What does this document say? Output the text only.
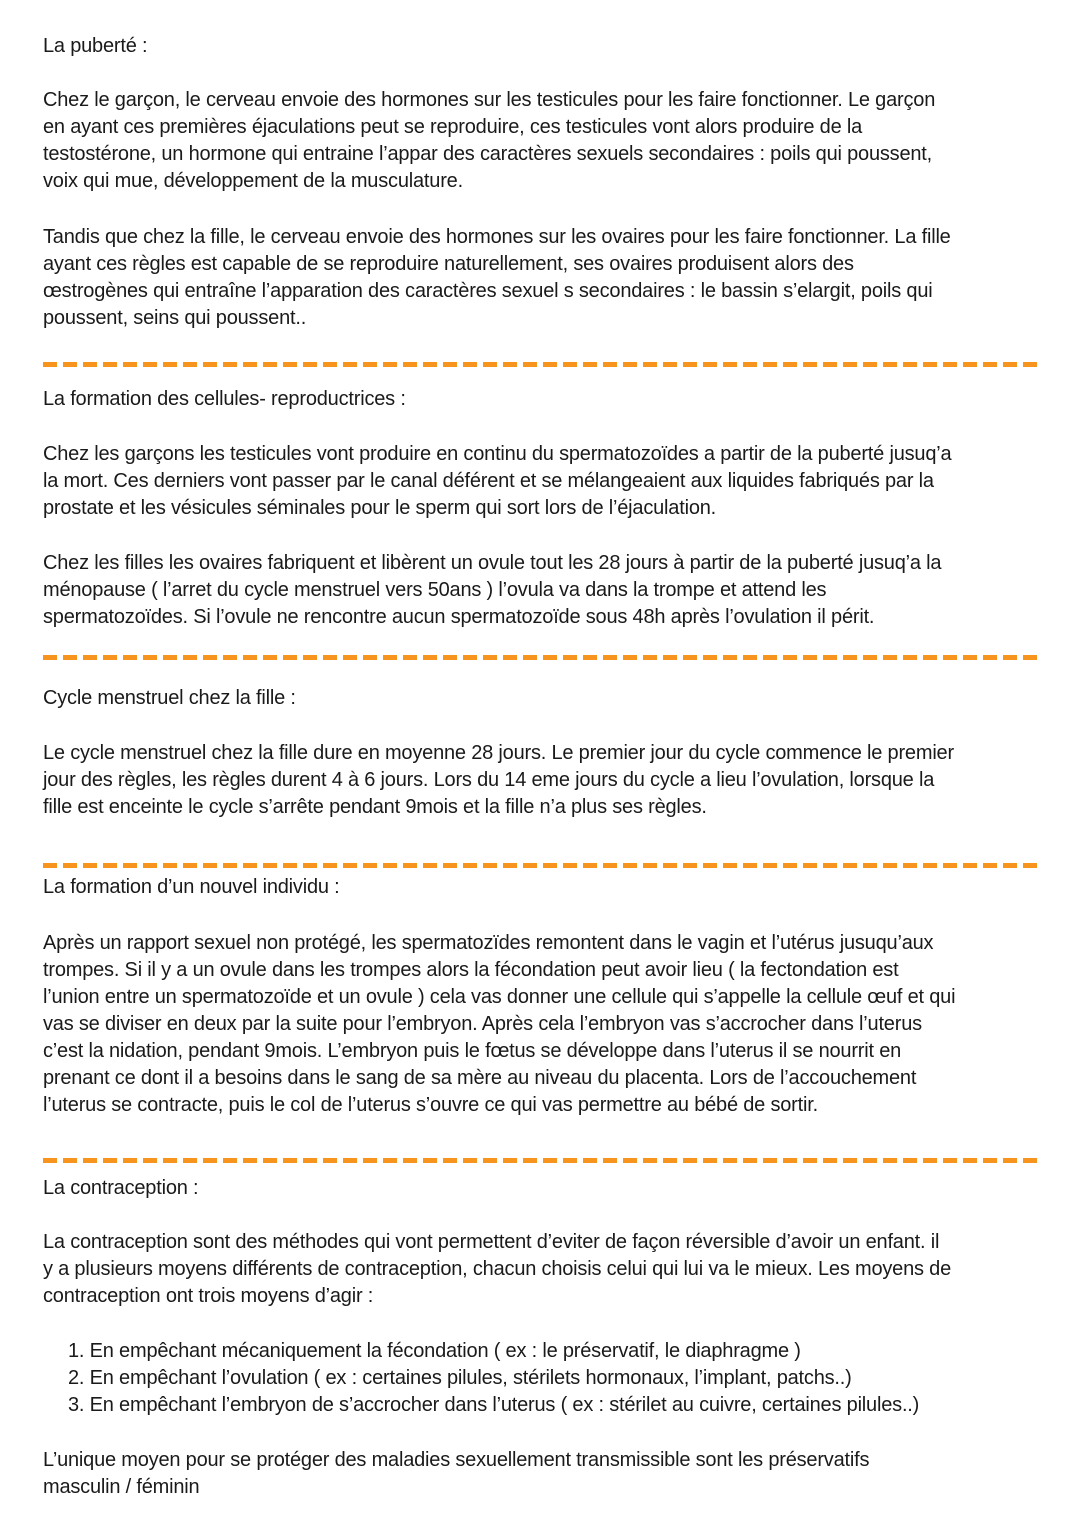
La puberté :
Chez le garçon, le cerveau envoie des hormones sur les testicules pour les faire fonctionner. Le garçon
en ayant ces premières éjaculations peut se reproduire, ces testicules vont alors produire de la
testostérone, un hormone qui entraine l’appar des caractères sexuels secondaires : poils qui poussent,
voix qui mue, développement de la musculature.
Tandis que chez la fille, le cerveau envoie des hormones sur les ovaires pour les faire fonctionner. La fille
ayant ces règles est capable de se reproduire naturellement, ses ovaires produisent alors des
œstrogènes qui entraîne l’apparation des caractères sexuel s secondaires : le bassin s’elargit, poils qui
poussent, seins qui poussent..
La formation des cellules- reproductrices :
Chez les garçons les testicules vont produire en continu du spermatozoïdes a partir de la puberté jusuq’a
la mort. Ces derniers vont passer par le canal déférent et se mélangeaient aux liquides fabriqués par la
prostate et les vésicules séminales pour le sperm qui sort lors de l’éjaculation.
Chez les filles les ovaires fabriquent et libèrent un ovule tout les 28 jours à partir de la puberté jusuq’a la
ménopause ( l’arret du cycle menstruel vers 50ans ) l’ovula va dans la trompe et attend les
spermatozoïdes. Si l’ovule ne rencontre aucun spermatozoïde sous 48h après l’ovulation il périt.
Cycle menstruel chez la fille :
Le cycle menstruel chez la fille dure en moyenne 28 jours. Le premier jour du cycle commence le premier
jour des règles, les règles durent 4 à 6 jours. Lors du 14 eme jours du cycle a lieu l’ovulation, lorsque la
fille est enceinte le cycle s’arrête pendant 9mois et la fille n’a plus ses règles.
La formation d’un nouvel individu :
Après un rapport sexuel non protégé, les spermatozïdes remontent dans le vagin et l’utérus jusuqu’aux
trompes. Si il y a un ovule dans les trompes alors la fécondation peut avoir lieu ( la fectondation est
l’union entre un spermatozoïde et un ovule ) cela vas donner une cellule qui s’appelle la cellule œuf et qui
vas se diviser en deux par la suite pour l’embryon. Après cela l’embryon vas s’accrocher dans l’uterus
c’est la nidation, pendant 9mois. L’embryon puis le fœtus se développe dans l’uterus il se nourrit en
prenant ce dont il a besoins dans le sang de sa mère au niveau du placenta. Lors de l’accouchement
l’uterus se contracte, puis le col de l’uterus s’ouvre ce qui vas permettre au bébé de sortir.
La contraception :
La contraception sont des méthodes qui vont permettent d’eviter de façon réversible d’avoir un enfant. il
y a plusieurs moyens différents de contraception, chacun choisis celui qui lui va le mieux. Les moyens de
contraception ont trois moyens d’agir :
1. En empêchant mécaniquement la fécondation ( ex : le préservatif, le diaphragme )
2. En empêchant l’ovulation ( ex : certaines pilules, stérilets hormonaux, l’implant, patchs..)
3. En empêchant l’embryon de s’accrocher dans l’uterus ( ex : stérilet au cuivre, certaines pilules..)
L’unique moyen pour se protéger des maladies sexuellement transmissible sont les préservatifs
masculin / féminin
